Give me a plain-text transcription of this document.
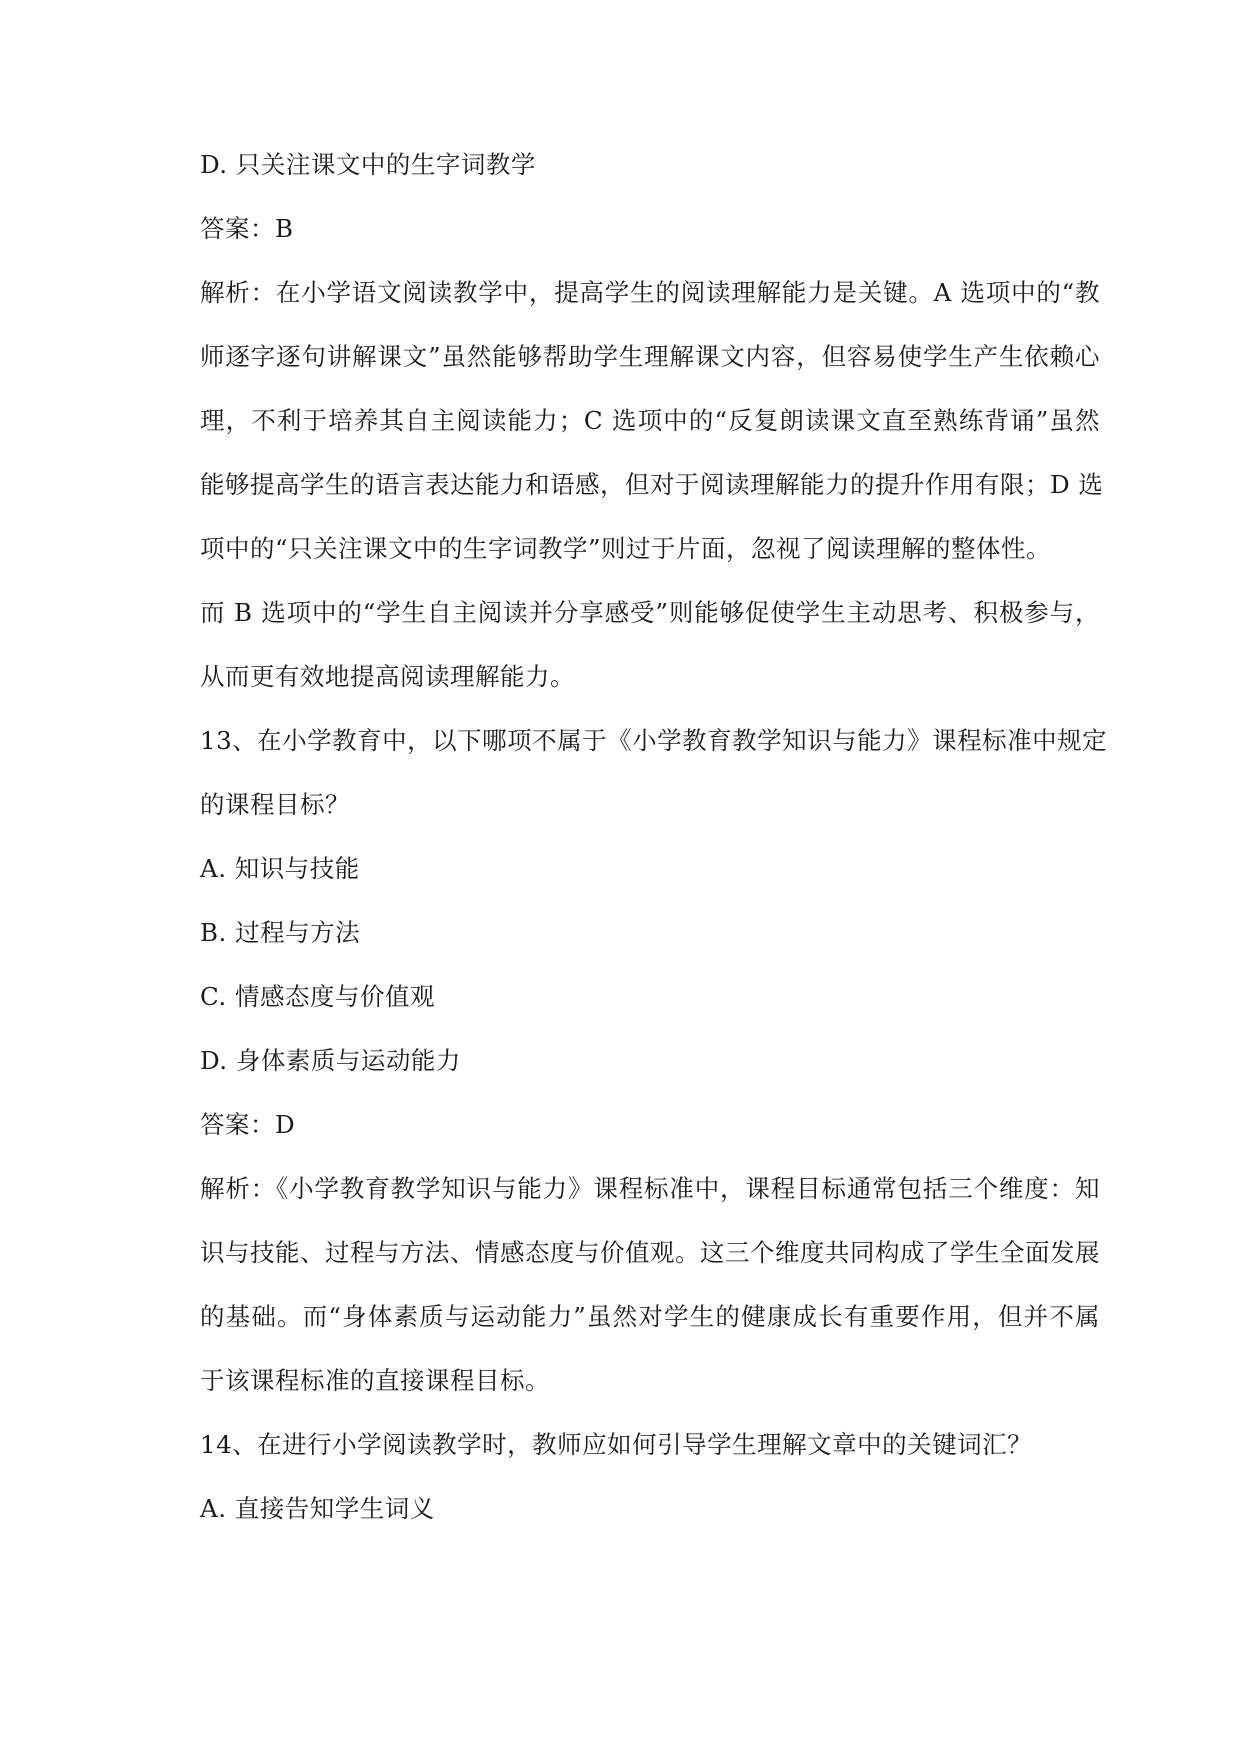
D. 只关注课文中的生字词教学
答案：B
解析：在小学语文阅读教学中，提高学生的阅读理解能力是关键。A 选项中的“教
师逐字逐句讲解课文”虽然能够帮助学生理解课文内容，但容易使学生产生依赖心
理，不利于培养其自主阅读能力；C 选项中的“反复朗读课文直至熟练背诵”虽然
能够提高学生的语言表达能力和语感，但对于阅读理解能力的提升作用有限；D 选
项中的“只关注课文中的生字词教学”则过于片面，忽视了阅读理解的整体性。
而 B 选项中的“学生自主阅读并分享感受”则能够促使学生主动思考、积极参与，
从而更有效地提高阅读理解能力。
13、在小学教育中，以下哪项不属于《小学教育教学知识与能力》课程标准中规定
的课程目标？
A. 知识与技能
B. 过程与方法
C. 情感态度与价值观
D. 身体素质与运动能力
答案：D
解析：《小学教育教学知识与能力》课程标准中，课程目标通常包括三个维度：知
识与技能、过程与方法、情感态度与价值观。这三个维度共同构成了学生全面发展
的基础。而“身体素质与运动能力”虽然对学生的健康成长有重要作用，但并不属
于该课程标准的直接课程目标。
14、在进行小学阅读教学时，教师应如何引导学生理解文章中的关键词汇？
A. 直接告知学生词义
